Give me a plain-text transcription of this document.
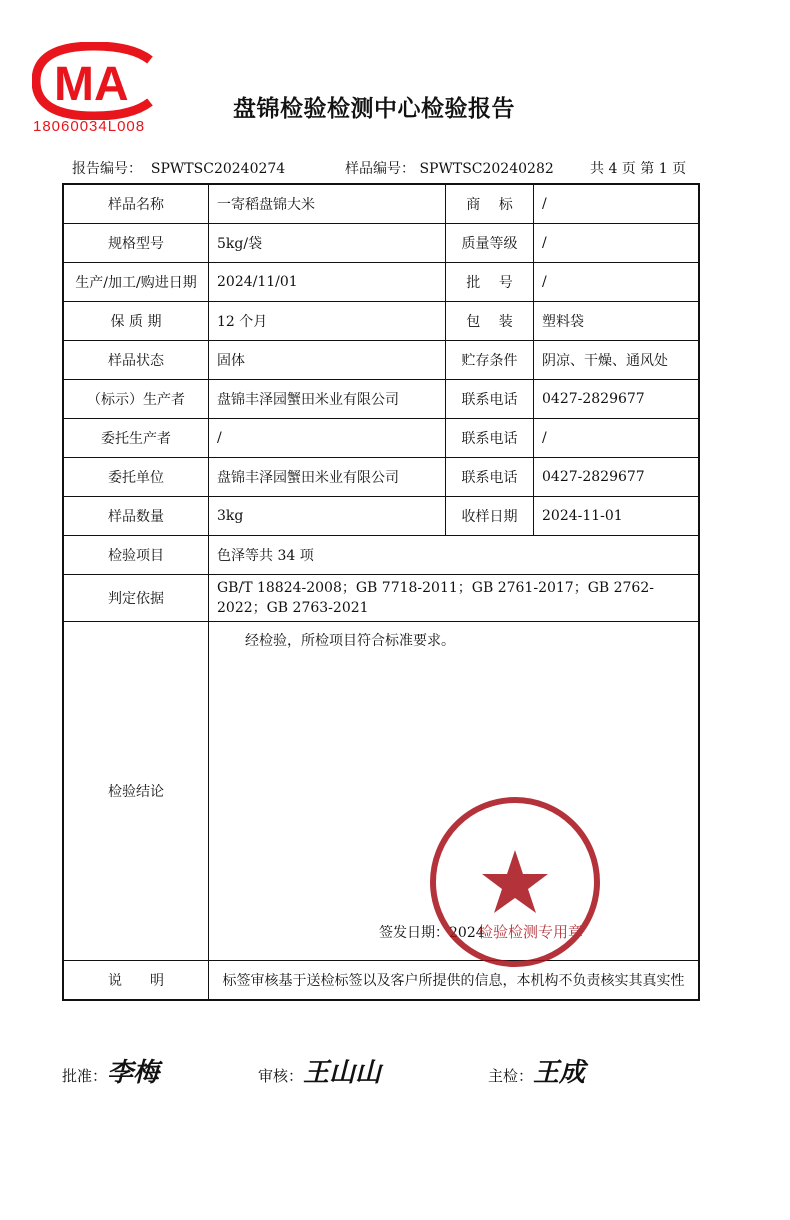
MA
18060034L008
盘锦检验检测中心检验报告
报告编号： SPWTSC20240274	样品编号： SPWTSC20240282	共 4 页 第 1 页
样品名称	一寄稻盘锦大米	商　 标	/
规格型号	5kg/袋	质量等级	/
生产/加工/购进日期	2024/11/01	批　 号	/
保 质 期	12 个月	包　 装	塑料袋
样品状态	固体	贮存条件	阴凉、干燥、通风处
（标示）生产者	盘锦丰泽园蟹田米业有限公司	联系电话	0427-2829677
委托生产者	/	联系电话	/
委托单位	盘锦丰泽园蟹田米业有限公司	联系电话	0427-2829677
样品数量	3kg	收样日期	2024-11-01
检验项目	色泽等共 34 项		
判定依据	GB/T 18824-2008；GB 7718-2011；GB 2761-2017；GB 2762-2022；GB 2763-2021		
检验结论	经检验，所检项目符合标准要求。
签发日期：2024		

说　　明	标签审核基于送检标签以及客户所提供的信息，本机构不负责核实其真实性		
检验检测专用章
批准：李梅	审核：王山山	主检：王成
